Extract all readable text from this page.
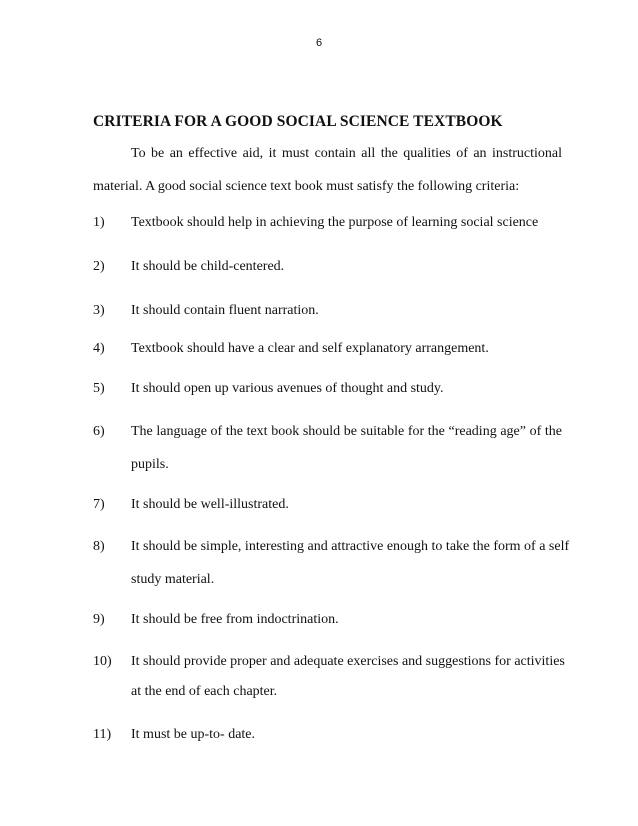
6
CRITERIA FOR A GOOD SOCIAL SCIENCE TEXTBOOK
To be an effective aid, it must contain all the qualities of an instructional
material. A good social science text book must satisfy the following criteria:
1)	Textbook should help in achieving the purpose of learning social science
2)	It should be child-centered.
3)	It should contain fluent narration.
4)	Textbook should have a clear and self explanatory arrangement.
5)	It should open up various avenues of thought and study.
6)	The language of the text book should be suitable for the “reading age” of the
pupils.
7)	It should be well-illustrated.
8)	It should be simple, interesting and attractive enough to take the form of a self
study material.
9)	It should be free from indoctrination.
10)	It should provide proper and adequate exercises and suggestions for activities
at the end of each chapter.
11)	It must be up-to- date.
